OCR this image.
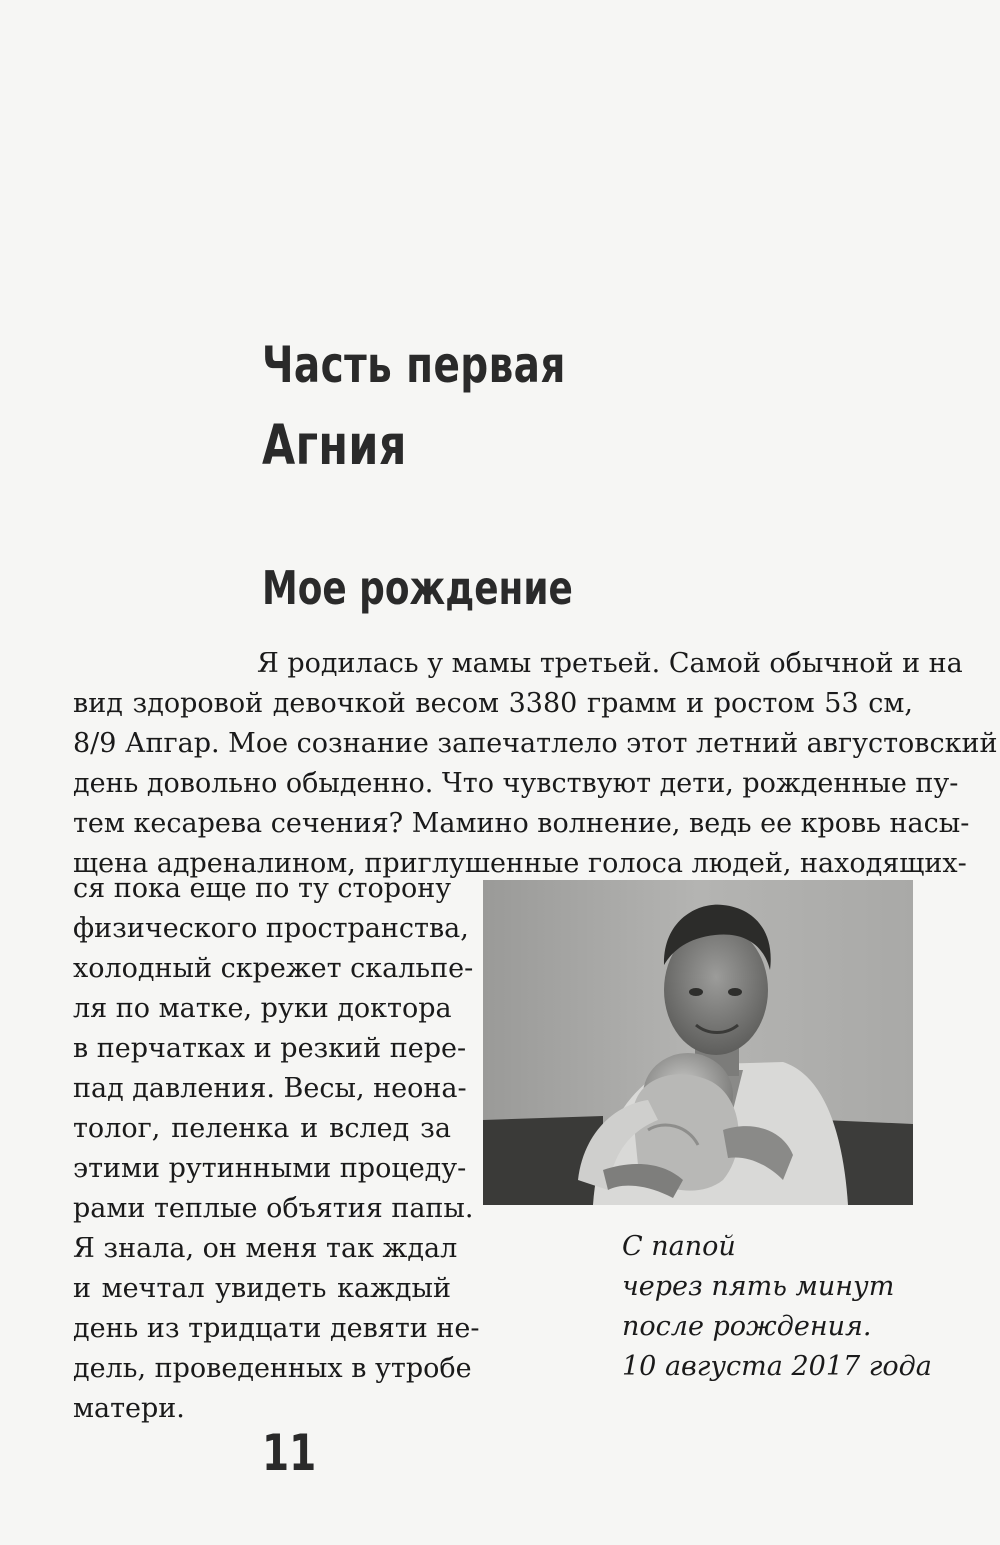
Часть первая
Агния
Мое рождение
Я родилась у мамы третьей. Самой обычной и на
вид здоровой девочкой весом 3380 грамм и ростом 53 см,
8/9 Апгар. Мое сознание запечатлело этот летний августовский
день довольно обыденно. Что чувствуют дети, рожденные пу-
тем кесарева сечения? Мамино волнение, ведь ее кровь насы-
щена адреналином, приглушенные голоса людей, находящих-
ся пока еще по ту сторону
физического пространства,
холодный скрежет скальпе-
ля по матке, руки доктора
в перчатках и резкий пере-
пад давления. Весы, неона-
толог, пеленка и вслед за
этими рутинными процеду-
рами теплые объятия папы.
Я знала, он меня так ждал
и мечтал увидеть каждый
день из тридцати девяти не-
дель, проведенных в утробе
матери.
С папой
через пять минут
после рождения.
10 августа 2017 года
11
